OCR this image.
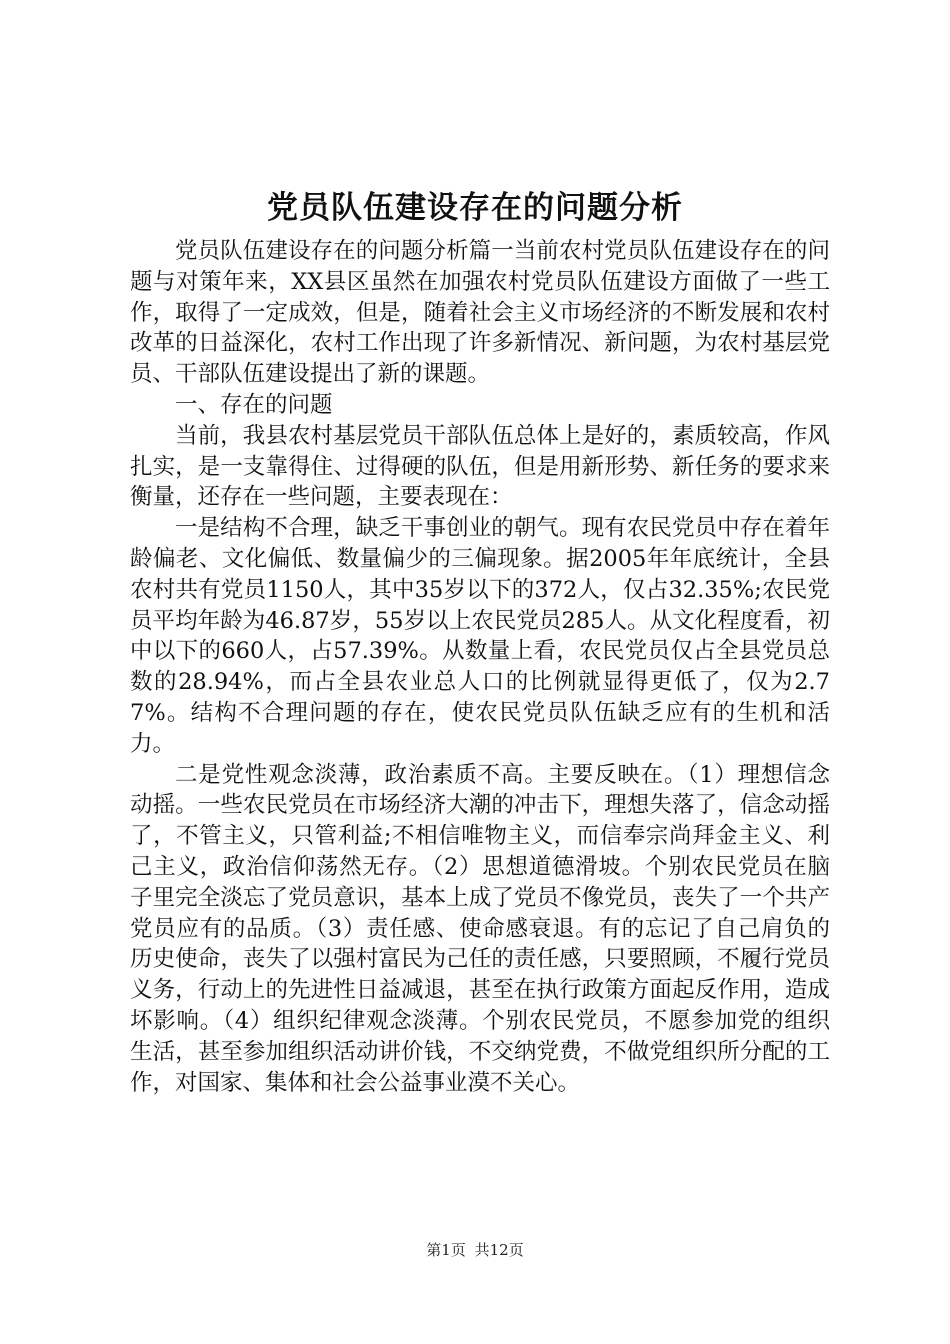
党员队伍建设存在的问题分析

党员队伍建设存在的问题分析篇一当前农村党员队伍建设存在的问题与对策年来，XX县区虽然在加强农村党员队伍建设方面做了一些工作，取得了一定成效，但是，随着社会主义市场经济的不断发展和农村改革的日益深化，农村工作出现了许多新情况、新问题，为农村基层党员、干部队伍建设提出了新的课题。

一、存在的问题

当前，我县农村基层党员干部队伍总体上是好的，素质较高，作风扎实，是一支靠得住、过得硬的队伍，但是用新形势、新任务的要求来衡量，还存在一些问题，主要表现在：

一是结构不合理，缺乏干事创业的朝气。现有农民党员中存在着年龄偏老、文化偏低、数量偏少的三偏现象。据2005年年底统计，全县农村共有党员1150人，其中35岁以下的372人，仅占32.35%;农民党员平均年龄为46.87岁，55岁以上农民党员285人。从文化程度看，初中以下的660人，占57.39%。从数量上看，农民党员仅占全县党员总数的28.94%，而占全县农业总人口的比例就显得更低了，仅为2.77%。结构不合理问题的存在，使农民党员队伍缺乏应有的生机和活力。

二是党性观念淡薄，政治素质不高。主要反映在。（1）理想信念动摇。一些农民党员在市场经济大潮的冲击下，理想失落了，信念动摇了，不管主义，只管利益;不相信唯物主义，而信奉宗尚拜金主义、利己主义，政治信仰荡然无存。（2）思想道德滑坡。个别农民党员在脑子里完全淡忘了党员意识，基本上成了党员不像党员，丧失了一个共产党员应有的品质。（3）责任感、使命感衰退。有的忘记了自己肩负的历史使命，丧失了以强村富民为己任的责任感，只要照顾，不履行党员义务，行动上的先进性日益减退，甚至在执行政策方面起反作用，造成坏影响。（4）组织纪律观念淡薄。个别农民党员，不愿参加党的组织生活，甚至参加组织活动讲价钱，不交纳党费，不做党组织所分配的工作，对国家、集体和社会公益事业漠不关心。

第1页 共12页
